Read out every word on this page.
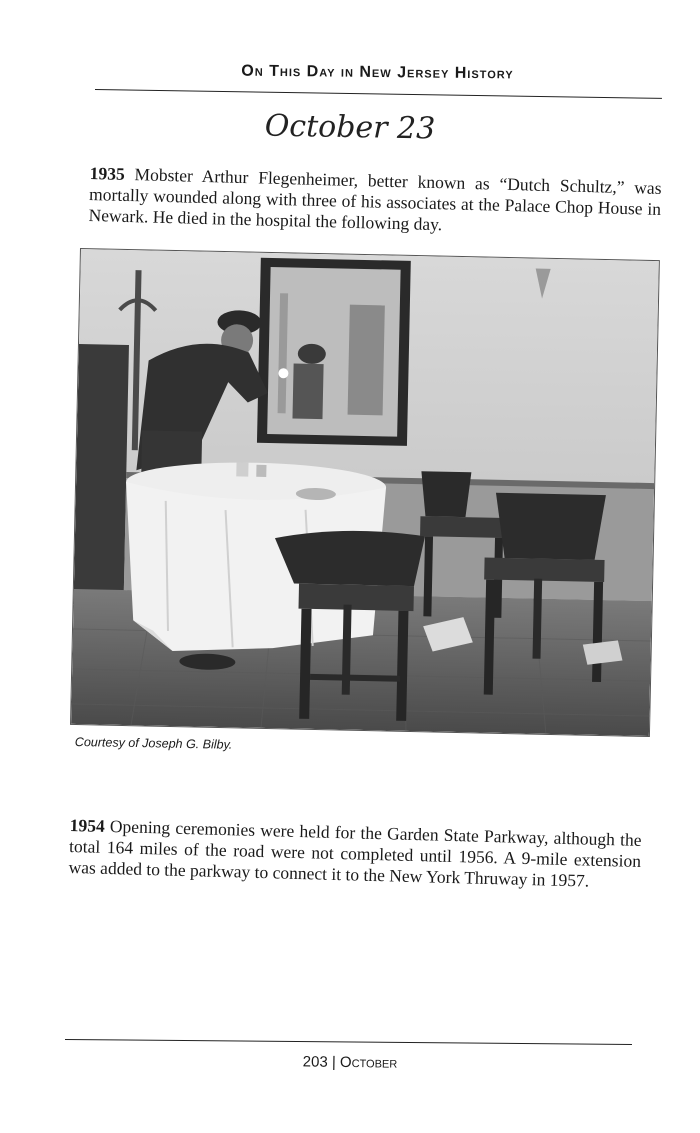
On This Day in New Jersey History
October 23

1935 Mobster Arthur Flegenheimer, better known as “Dutch Schultz,” was mortally wounded along with three of his associates at the Palace Chop House in Newark. He died in the hospital the following day.

Courtesy of Joseph G. Bilby.

1954 Opening ceremonies were held for the Garden State Parkway, although the total 164 miles of the road were not completed until 1956. A 9-mile extension was added to the parkway to connect it to the New York Thruway in 1957.

203 | October
